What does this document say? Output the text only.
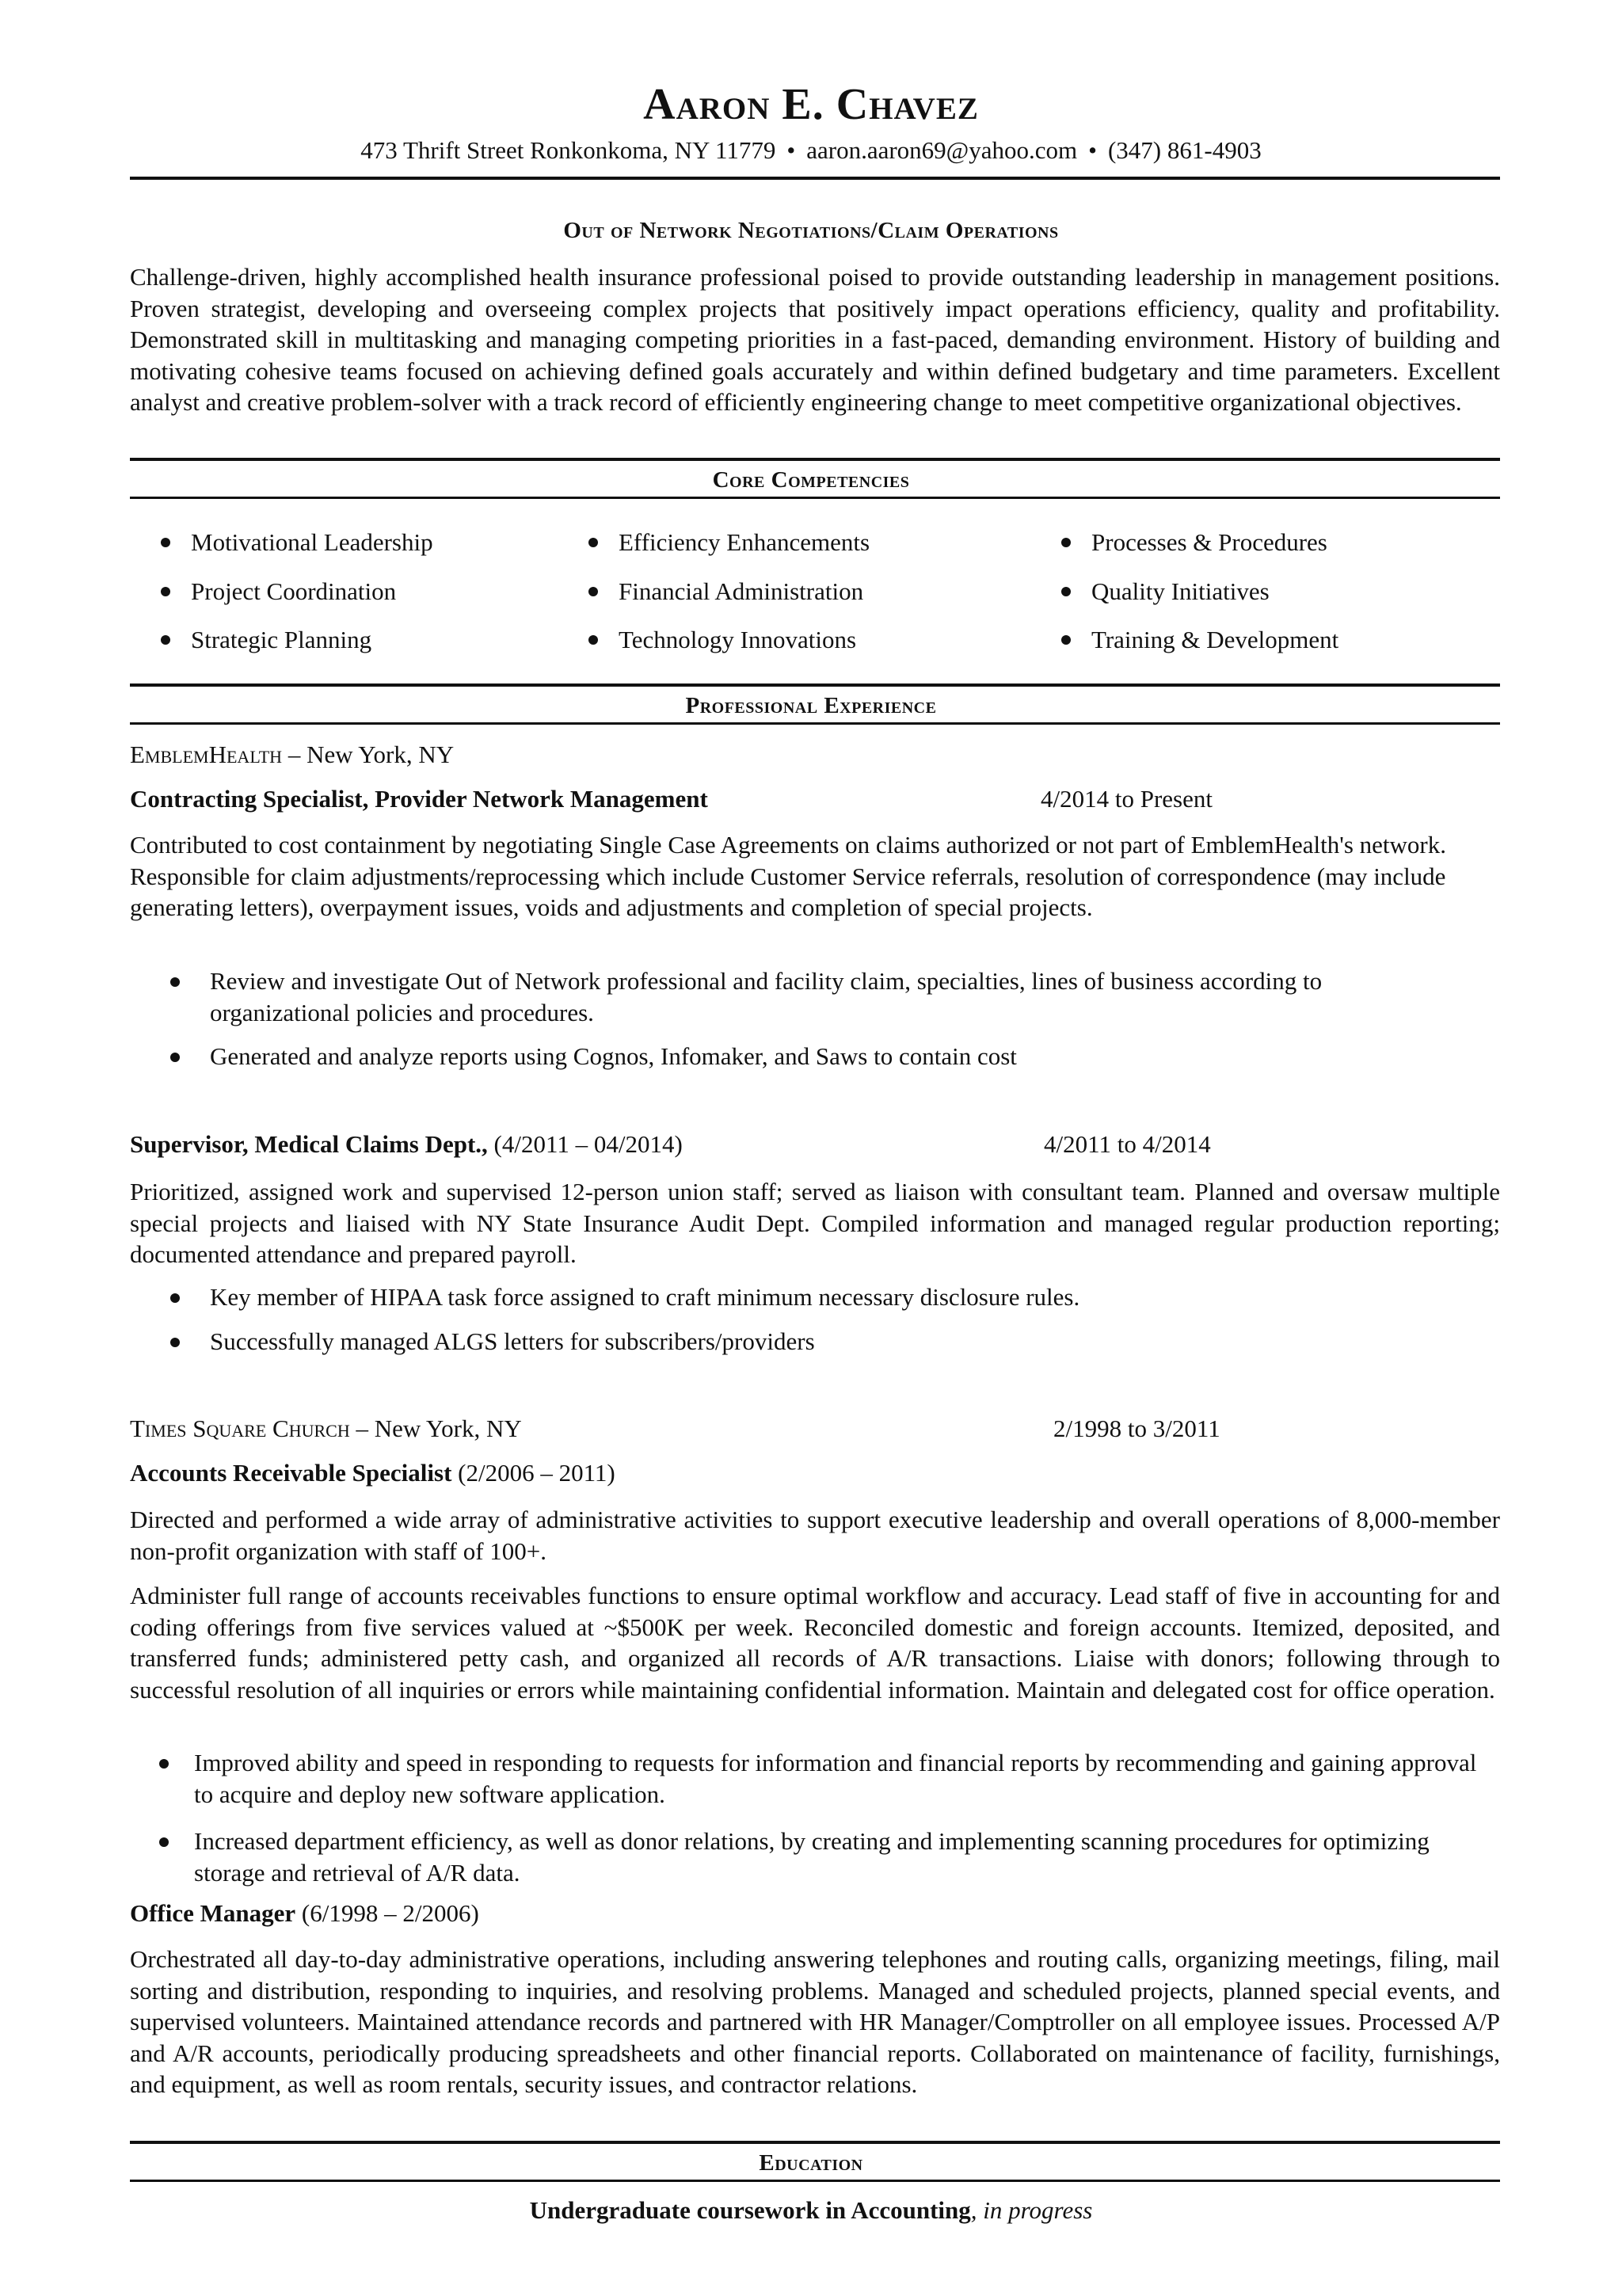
Aaron E. Chavez
473 Thrift Street Ronkonkoma, NY 11779 • aaron.aaron69@yahoo.com • (347) 861-4903
Out of Network Negotiations/Claim Operations

Challenge-driven, highly accomplished health insurance professional poised to provide outstanding leadership in management positions. Proven strategist, developing and overseeing complex projects that positively impact operations efficiency, quality and profitability. Demonstrated skill in multitasking and managing competing priorities in a fast-paced, demanding environment. History of building and motivating cohesive teams focused on achieving defined goals accurately and within defined budgetary and time parameters. Excellent analyst and creative problem-solver with a track record of efficiently engineering change to meet competitive organizational objectives.

Core Competencies
Motivational Leadership
Project Coordination
Strategic Planning
Efficiency Enhancements
Financial Administration
Technology Innovations
Processes & Procedures
Quality Initiatives
Training & Development
Professional Experience
EmblemHealth – New York, NY
Contracting Specialist, Provider Network Management	4/2014 to Present

Contributed to cost containment by negotiating Single Case Agreements on claims authorized or not part of EmblemHealth's network. Responsible for claim adjustments/reprocessing which include Customer Service referrals, resolution of correspondence (may include generating letters), overpayment issues, voids and adjustments and completion of special projects.

Review and investigate Out of Network professional and facility claim, specialties, lines of business according to organizational policies and procedures.
Generated and analyze reports using Cognos, Infomaker, and Saws to contain cost
Supervisor, Medical Claims Dept., (4/2011 – 04/2014)	4/2011 to 4/2014

Prioritized, assigned work and supervised 12-person union staff; served as liaison with consultant team. Planned and oversaw multiple special projects and liaised with NY State Insurance Audit Dept. Compiled information and managed regular production reporting; documented attendance and prepared payroll.

Key member of HIPAA task force assigned to craft minimum necessary disclosure rules.
Successfully managed ALGS letters for subscribers/providers
Times Square Church – New York, NY	2/1998 to 3/2011
Accounts Receivable Specialist (2/2006 – 2011)

Directed and performed a wide array of administrative activities to support executive leadership and overall operations of 8,000-member non-profit organization with staff of 100+.

Administer full range of accounts receivables functions to ensure optimal workflow and accuracy. Lead staff of five in accounting for and coding offerings from five services valued at ~$500K per week. Reconciled domestic and foreign accounts. Itemized, deposited, and transferred funds; administered petty cash, and organized all records of A/R transactions. Liaise with donors; following through to successful resolution of all inquiries or errors while maintaining confidential information. Maintain and delegated cost for office operation.

Improved ability and speed in responding to requests for information and financial reports by recommending and gaining approval to acquire and deploy new software application.
Increased department efficiency, as well as donor relations, by creating and implementing scanning procedures for optimizing storage and retrieval of A/R data.
Office Manager (6/1998 – 2/2006)

Orchestrated all day-to-day administrative operations, including answering telephones and routing calls, organizing meetings, filing, mail sorting and distribution, responding to inquiries, and resolving problems. Managed and scheduled projects, planned special events, and supervised volunteers. Maintained attendance records and partnered with HR Manager/Comptroller on all employee issues. Processed A/P and A/R accounts, periodically producing spreadsheets and other financial reports. Collaborated on maintenance of facility, furnishings, and equipment, as well as room rentals, security issues, and contractor relations.

Education
Undergraduate coursework in Accounting, in progress
